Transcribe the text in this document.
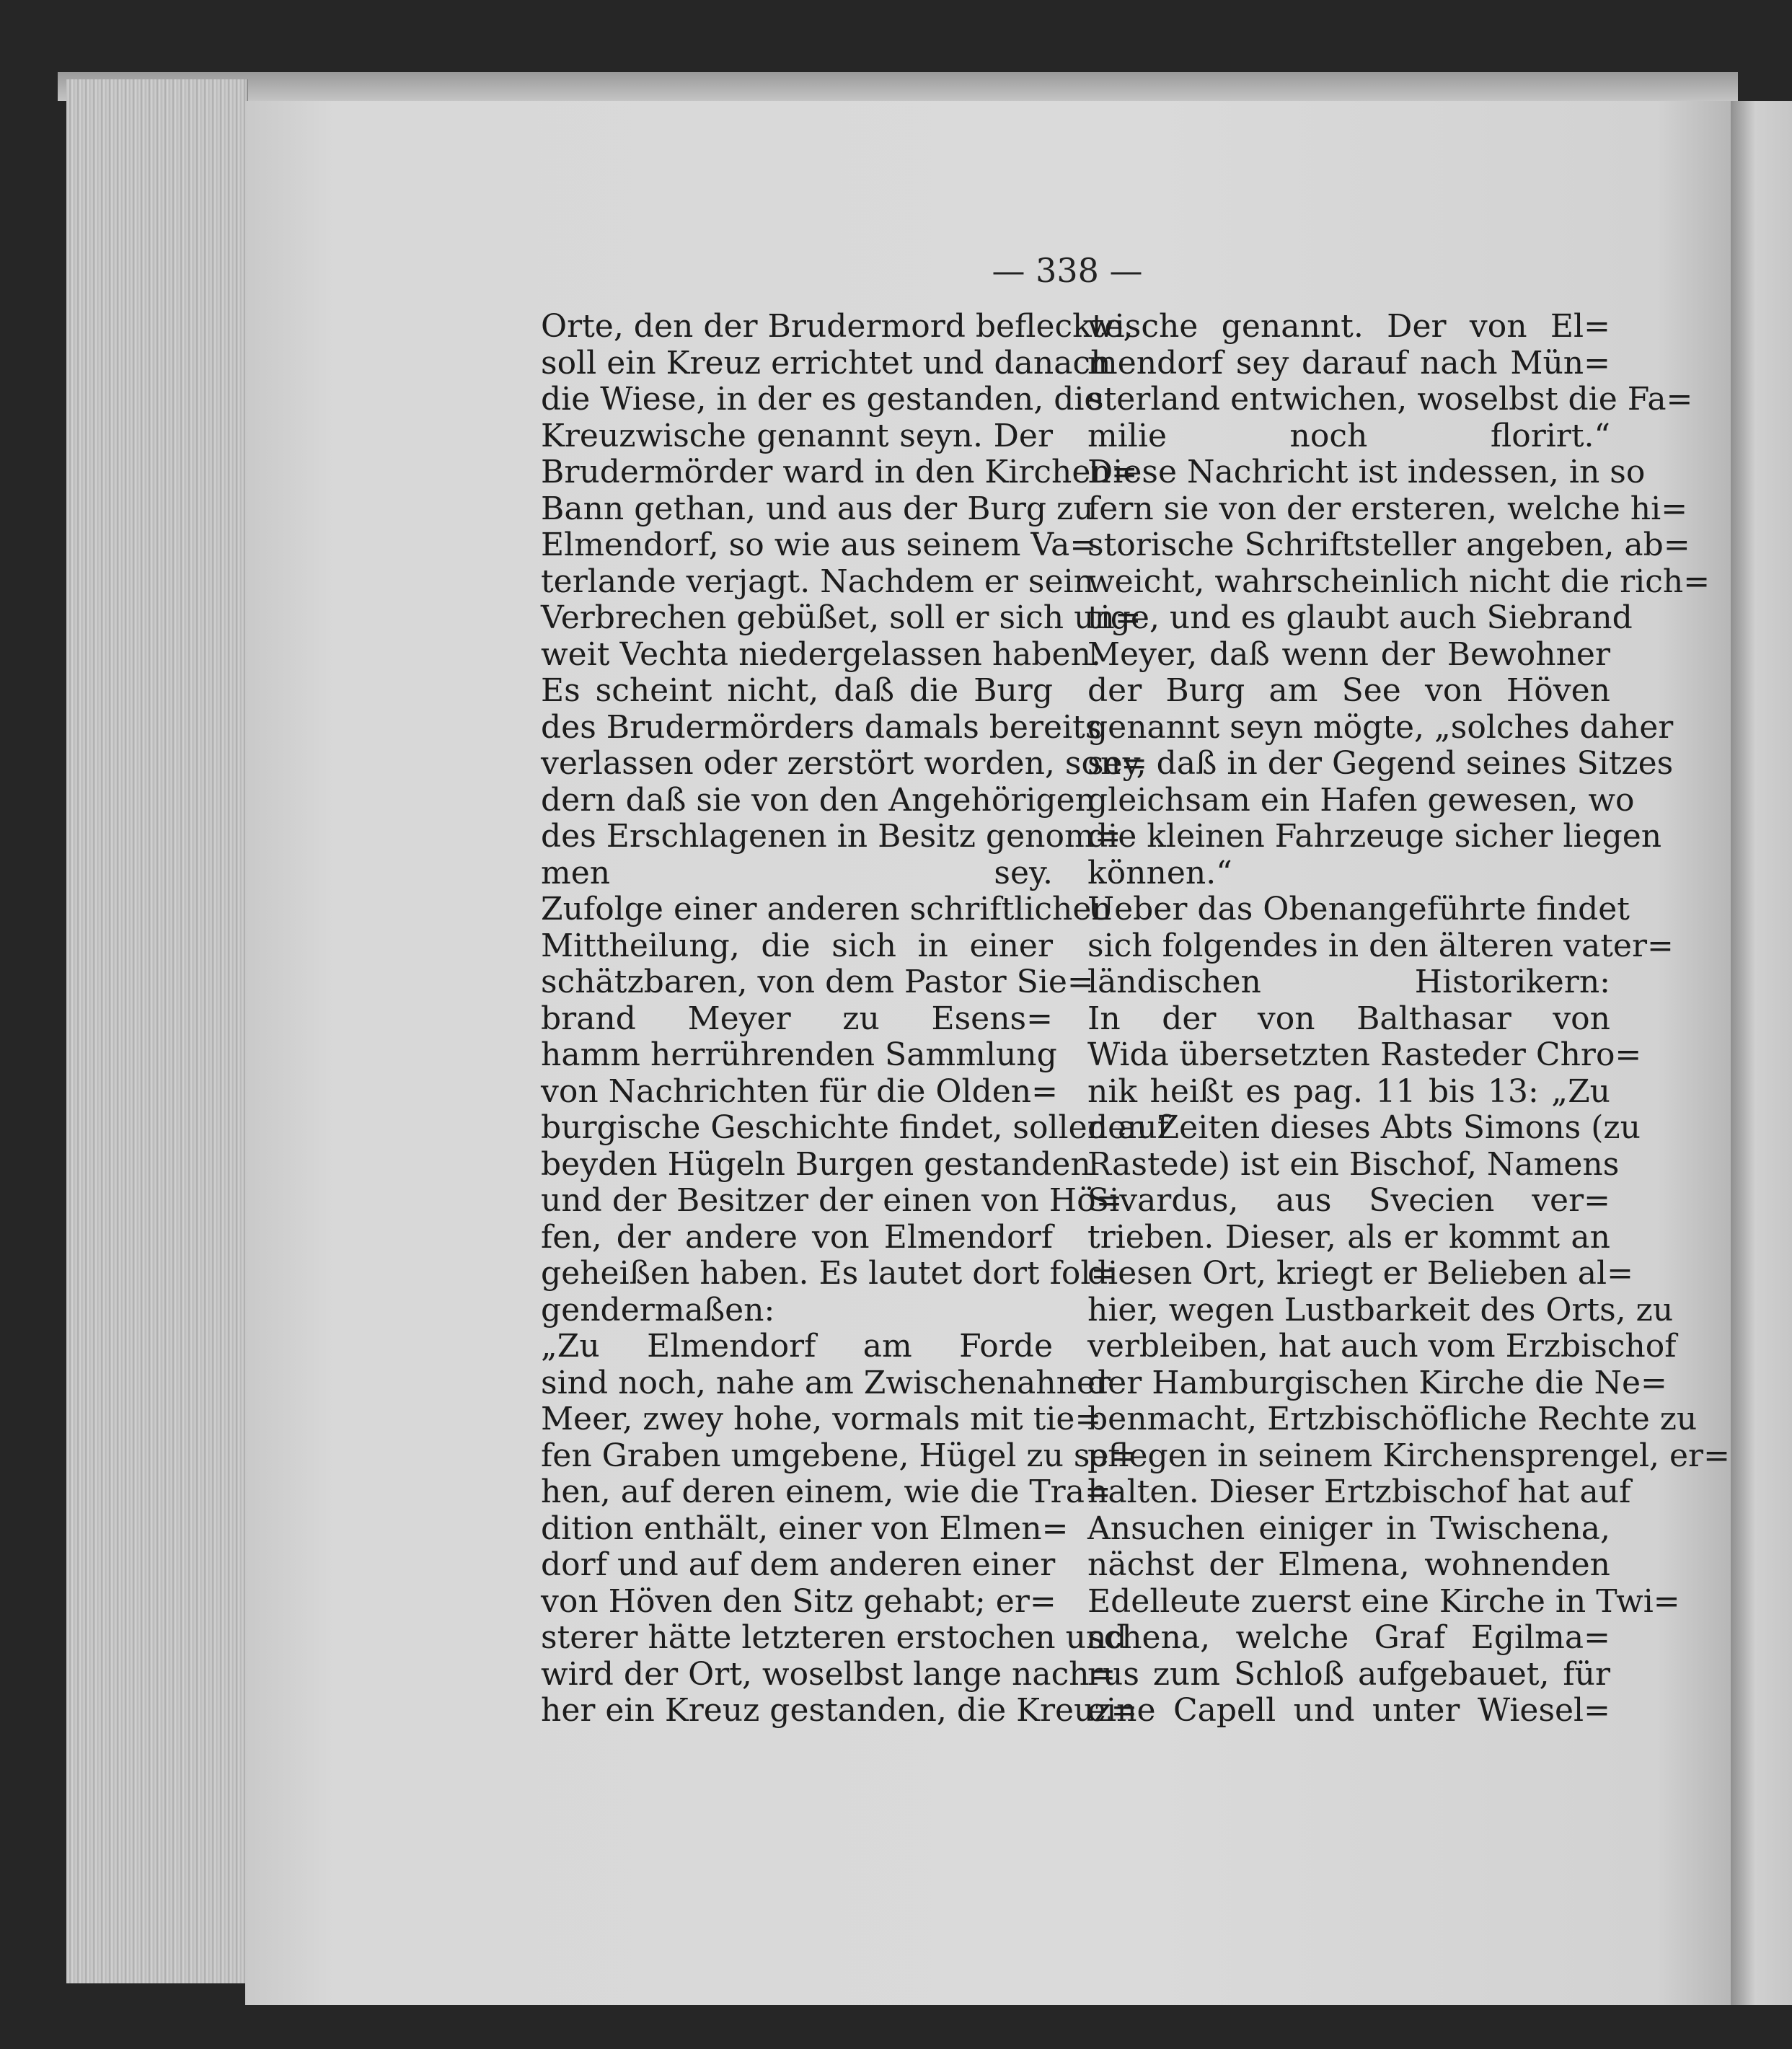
— 338 —
Orte, den der Brudermord befleckte,
soll ein Kreuz errichtet und danach
die Wiese, in der es gestanden, die
Kreuzwische genannt seyn. Der
Brudermörder ward in den Kirchen=
Bann gethan, und aus der Burg zu
Elmendorf, so wie aus seinem Va=
terlande verjagt. Nachdem er sein
Verbrechen gebüßet, soll er sich un=
weit Vechta niedergelassen haben.
Es scheint nicht, daß die Burg
des Brudermörders damals bereits
verlassen oder zerstört worden, son=
dern daß sie von den Angehörigen
des Erschlagenen in Besitz genom=
men sey.
Zufolge einer anderen schriftlichen
Mittheilung, die sich in einer
schätzbaren, von dem Pastor Sie=
brand Meyer zu Esens=
hamm herrührenden Sammlung
von Nachrichten für die Olden=
burgische Geschichte findet, sollen auf
beyden Hügeln Burgen gestanden
und der Besitzer der einen von Hö=
fen, der andere von Elmendorf
geheißen haben. Es lautet dort fol=
gendermaßen:
„Zu Elmendorf am Forde
sind noch, nahe am Zwischenahner
Meer, zwey hohe, vormals mit tie=
fen Graben umgebene, Hügel zu se=
hen, auf deren einem, wie die Tra=
dition enthält, einer von Elmen=
dorf und auf dem anderen einer
von Höven den Sitz gehabt; er=
sterer hätte letzteren erstochen und
wird der Ort, woselbst lange nach=
her ein Kreuz gestanden, die Kreuz=
wische genannt. Der von El=
mendorf sey darauf nach Mün=
sterland entwichen, woselbst die Fa=
milie noch florirt.“
Diese Nachricht ist indessen, in so
fern sie von der ersteren, welche hi=
storische Schriftsteller angeben, ab=
weicht, wahrscheinlich nicht die rich=
tige, und es glaubt auch Siebrand
Meyer, daß wenn der Bewohner
der Burg am See von Höven
genannt seyn mögte, „solches daher
sey, daß in der Gegend seines Sitzes
gleichsam ein Hafen gewesen, wo
die kleinen Fahrzeuge sicher liegen
können.“
Ueber das Obenangeführte findet
sich folgendes in den älteren vater=
ländischen Historikern:
In der von Balthasar von
Wida übersetzten Rasteder Chro=
nik heißt es pag. 11 bis 13: „Zu
den Zeiten dieses Abts Simons (zu
Rastede) ist ein Bischof, Namens
Sivardus, aus Svecien ver=
trieben. Dieser, als er kommt an
diesen Ort, kriegt er Belieben al=
hier, wegen Lustbarkeit des Orts, zu
verbleiben, hat auch vom Erzbischof
der Hamburgischen Kirche die Ne=
benmacht, Ertzbischöfliche Rechte zu
pflegen in seinem Kirchensprengel, er=
halten. Dieser Ertzbischof hat auf
Ansuchen einiger in Twischena,
nächst der Elmena, wohnenden
Edelleute zuerst eine Kirche in Twi=
schena, welche Graf Egilma=
rus zum Schloß aufgebauet, für
eine Capell und unter Wiesel=
